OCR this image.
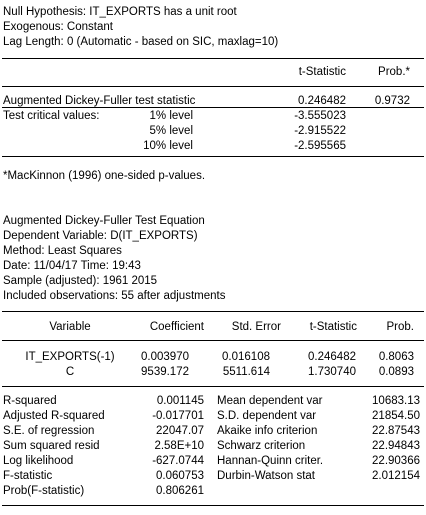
Null Hypothesis: IT_EXPORTS has a unit root
Exogenous: Constant
Lag Length: 0 (Automatic - based on SIC, maxlag=10)
t-Statistic	Prob.*
Augmented Dickey-Fuller test statistic	0.246482	0.9732
Test critical values:	1% level	-3.555023
5% level	-2.915522
10% level	-2.595565
*MacKinnon (1996) one-sided p-values.
Augmented Dickey-Fuller Test Equation
Dependent Variable: D(IT_EXPORTS)
Method: Least Squares
Date: 11/04/17 Time: 19:43
Sample (adjusted): 1961 2015
Included observations: 55 after adjustments
Variable	Coefficient	Std. Error	t-Statistic	Prob.
IT_EXPORTS(-1)	0.003970	0.016108	0.246482	0.8063
C	9539.172	5511.614	1.730740	0.0893
R-squared	0.001145 Mean dependent var	10683.13
Adjusted R-squared	-0.017701 S.D. dependent var	21854.50
S.E. of regression	22047.07 Akaike info criterion	22.87543
Sum squared resid	2.58E+10 Schwarz criterion	22.94843
Log likelihood	-627.0744 Hannan-Quinn criter.	22.90366
F-statistic	0.060753 Durbin-Watson stat	2.012154
Prob(F-statistic)	0.806261
